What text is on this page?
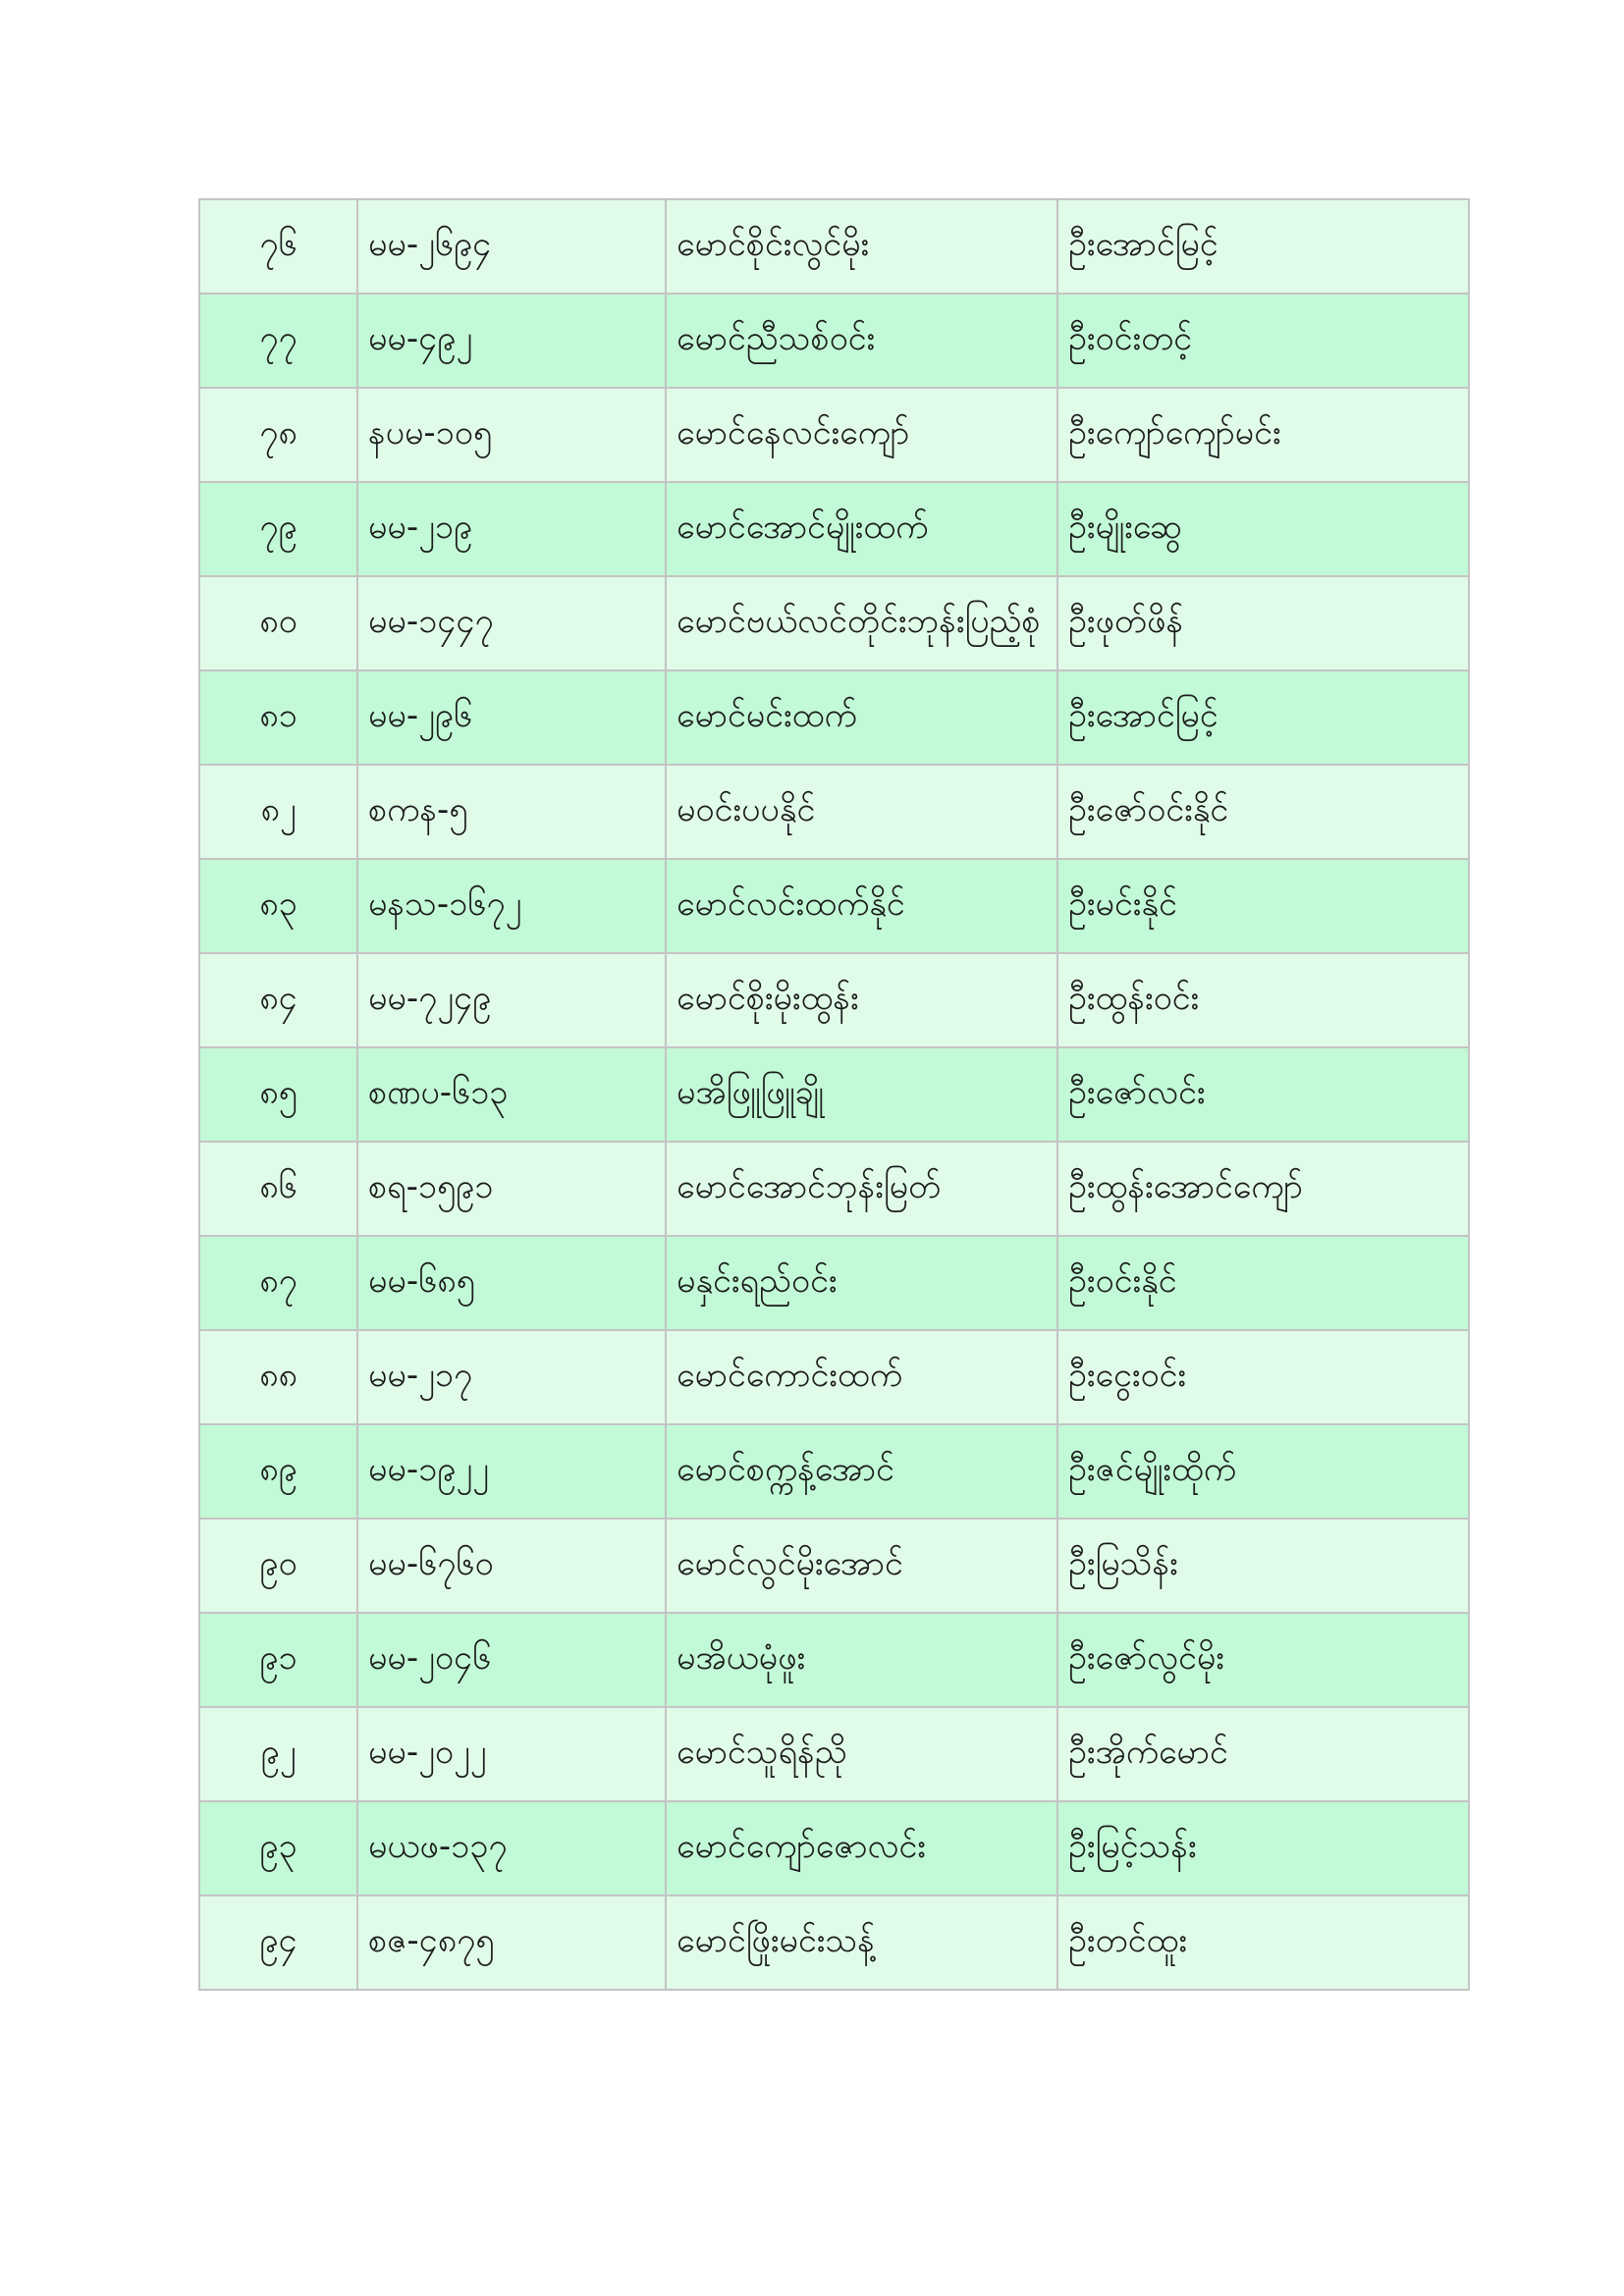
၇၆	မမ-၂၆၉၄	မောင်စိုင်းလွင်မိုး	ဦးအောင်မြင့်
၇၇	မမ-၄၉၂	မောင်ညီသစ်ဝင်း	ဦးဝင်းတင့်
၇၈	နပမ-၁၀၅	မောင်နေလင်းကျော်	ဦးကျော်ကျော်မင်း
၇၉	မမ-၂၁၉	မောင်အောင်မျိုးထက်	ဦးမျိုးဆွေ
၈၀	မမ-၁၄၄၇	မောင်ဗယ်လင်တိုင်းဘုန်းပြည့်စုံ	ဦးဖုတ်ဖိန်
၈၁	မမ-၂၉၆	မောင်မင်းထက်	ဦးအောင်မြင့်
၈၂	စကန-၅	မဝင်းပပနိုင်	ဦးဇော်ဝင်းနိုင်
၈၃	မနသ-၁၆၇၂	မောင်လင်းထက်နိုင်	ဦးမင်းနိုင်
၈၄	မမ-၇၂၄၉	မောင်စိုးမိုးထွန်း	ဦးထွန်းဝင်း
၈၅	စဏပ-၆၁၃	မအိဖြူဖြူချို	ဦးဇော်လင်း
၈၆	စရ-၁၅၉၁	မောင်အောင်ဘုန်းမြတ်	ဦးထွန်းအောင်ကျော်
၈၇	မမ-၆၈၅	မနှင်းရည်ဝင်း	ဦးဝင်းနိုင်
၈၈	မမ-၂၁၇	မောင်ကောင်းထက်	ဦးငွေးဝင်း
၈၉	မမ-၁၉၂၂	မောင်စက္ကန့်အောင်	ဦးဇင်မျိုးထိုက်
၉၀	မမ-၆၇၆၀	မောင်လွင်မိုးအောင်	ဦးမြသိန်း
၉၁	မမ-၂၀၄၆	မအိယမုံဖူး	ဦးဇော်လွင်မိုး
၉၂	မမ-၂၀၂၂	မောင်သူရိန်ညို	ဦးအိုက်မောင်
၉၃	မယဖ-၁၃၇	မောင်ကျော်ဇောလင်း	ဦးမြင့်သန်း
၉၄	စဇ-၄၈၇၅	မောင်ဖြိုးမင်းသန့်	ဦးတင်ထူး
